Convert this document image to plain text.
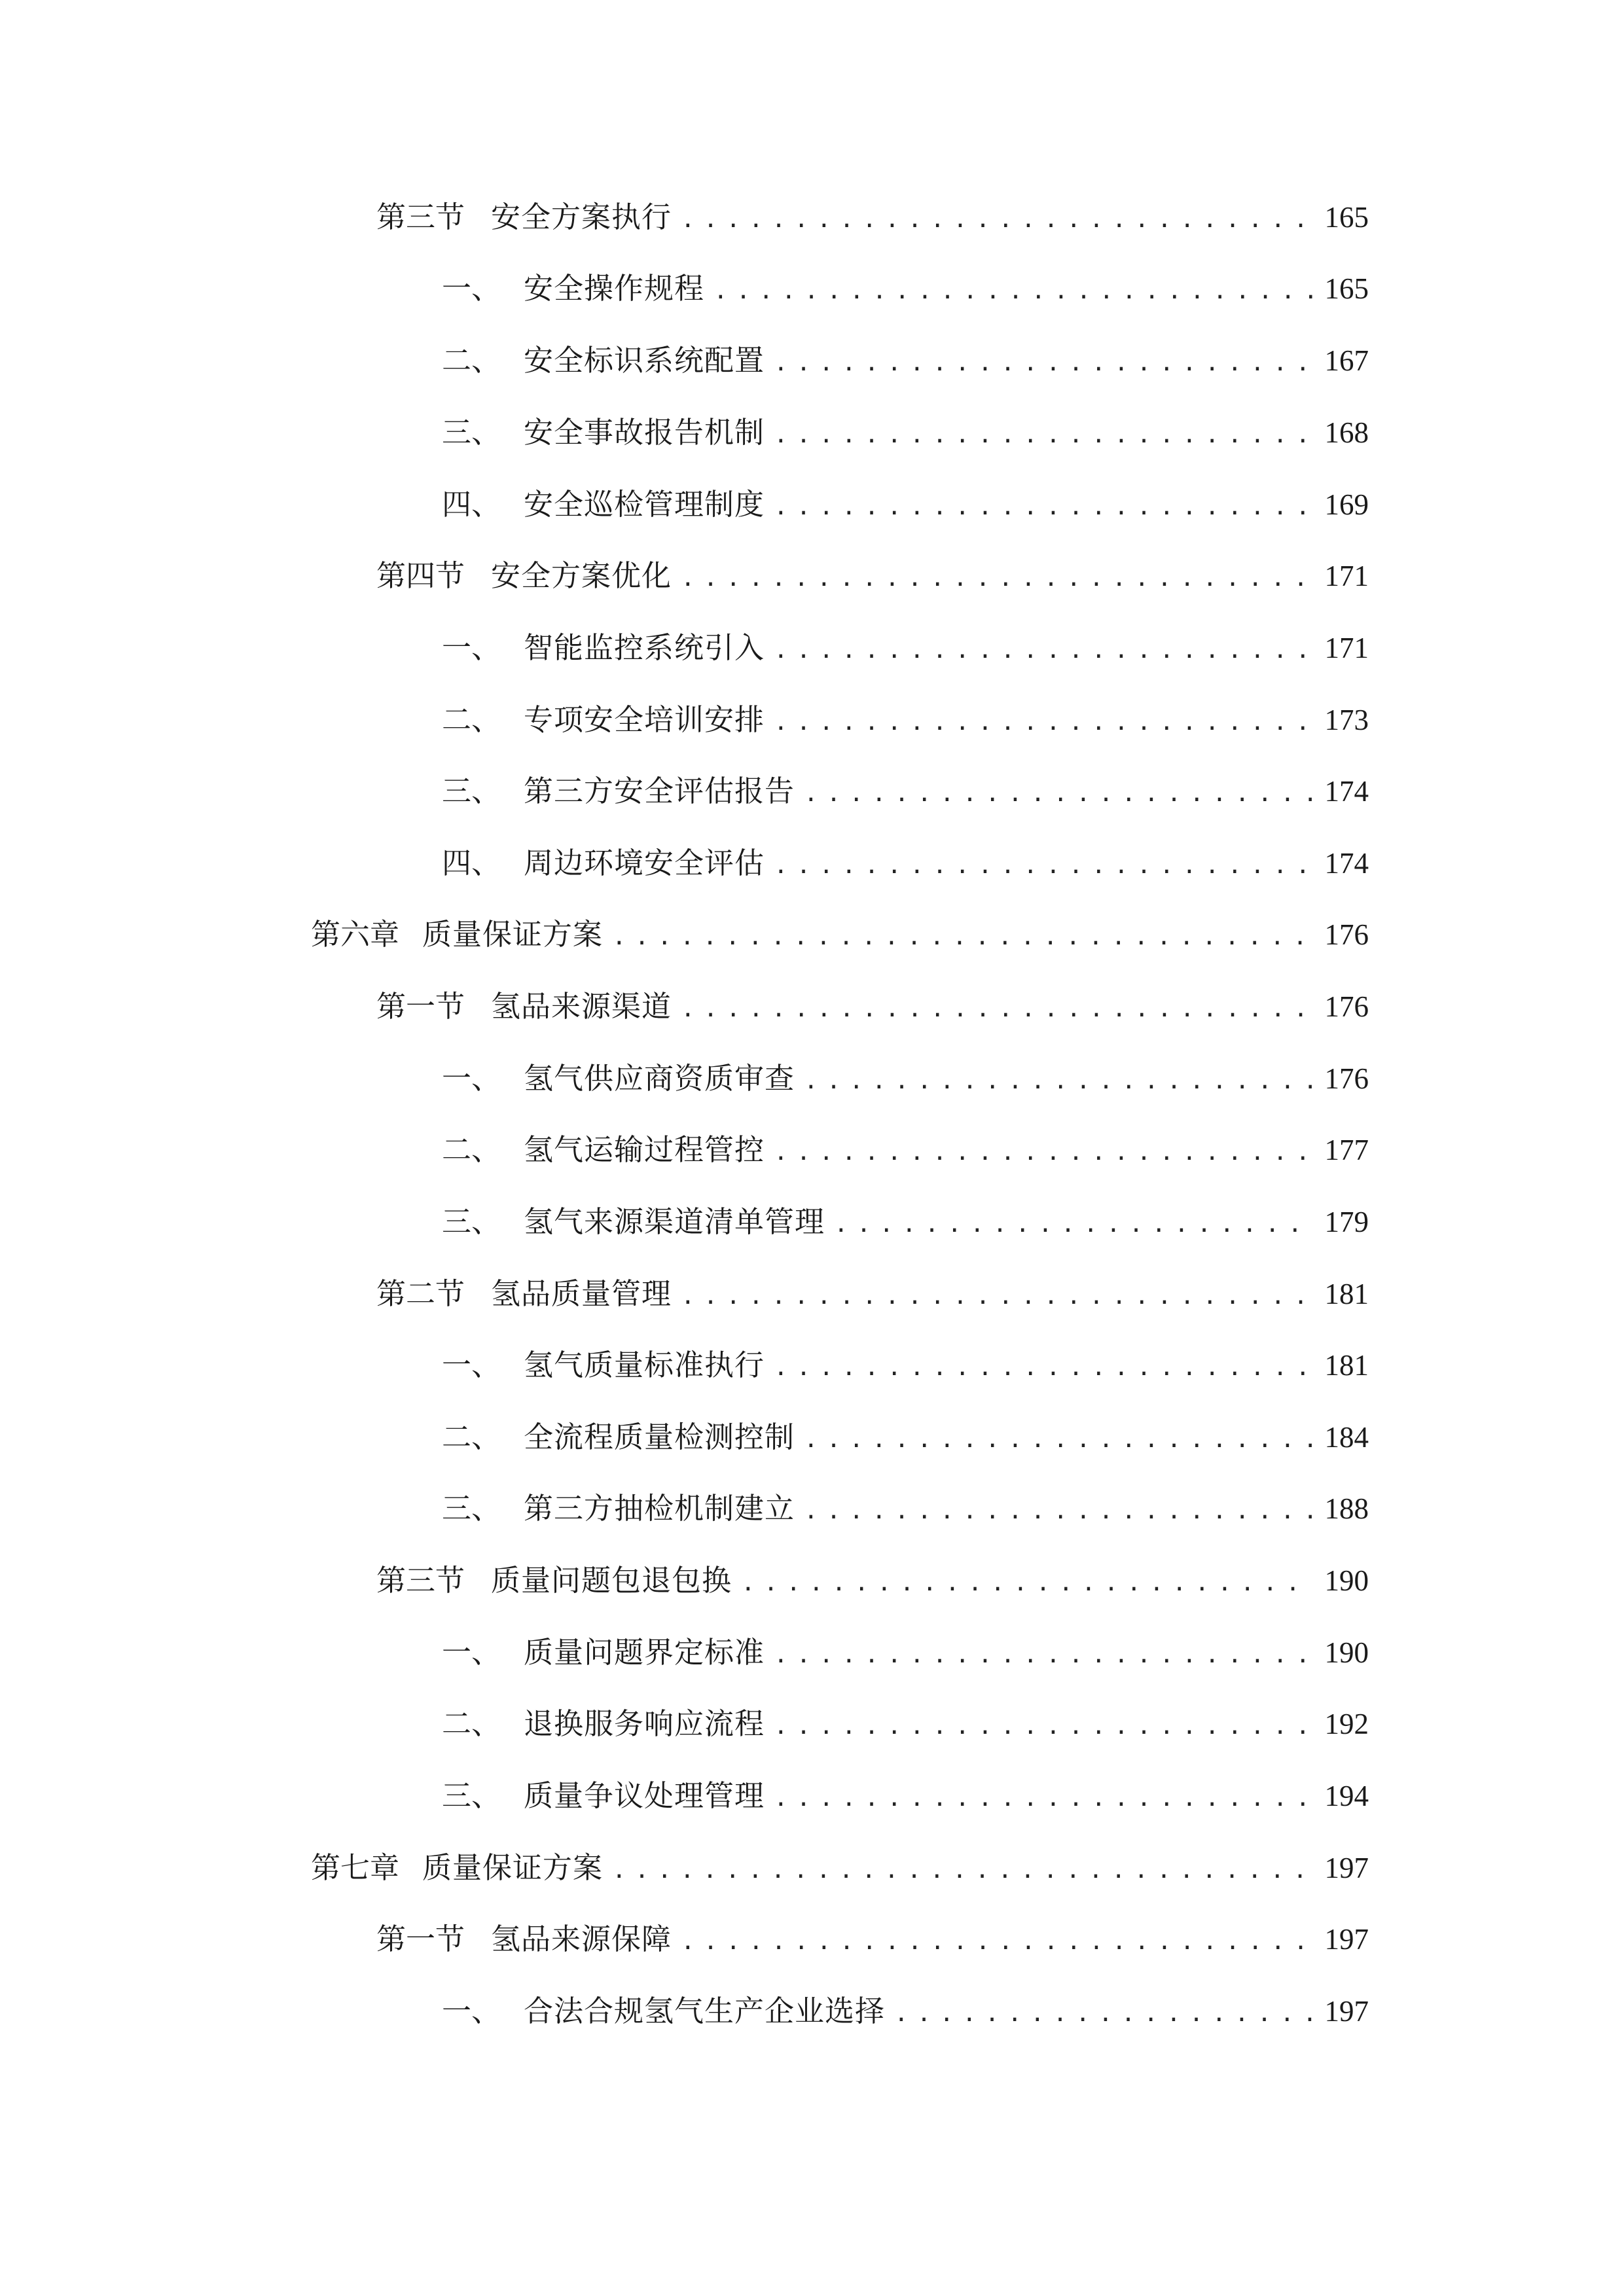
第三节 安全方案执行 .....	165
一、 安全操作规程 .....	165
二、 安全标识系统配置 .....	167
三、 安全事故报告机制 .....	168
四、 安全巡检管理制度 .....	169
第四节 安全方案优化 .....	171
一、 智能监控系统引入 .....	171
二、 专项安全培训安排 .....	173
三、 第三方安全评估报告 .....	174
四、 周边环境安全评估 .....	174
第六章 质量保证方案 .....	176
第一节 氢品来源渠道 .....	176
一、 氢气供应商资质审查 .....	176
二、 氢气运输过程管控 .....	177
三、 氢气来源渠道清单管理 .....	179
第二节 氢品质量管理 .....	181
一、 氢气质量标准执行 .....	181
二、 全流程质量检测控制 .....	184
三、 第三方抽检机制建立 .....	188
第三节 质量问题包退包换 .....	190
一、 质量问题界定标准 .....	190
二、 退换服务响应流程 .....	192
三、 质量争议处理管理 .....	194
第七章 质量保证方案 .....	197
第一节 氢品来源保障 .....	197
一、 合法合规氢气生产企业选择 .....	197
